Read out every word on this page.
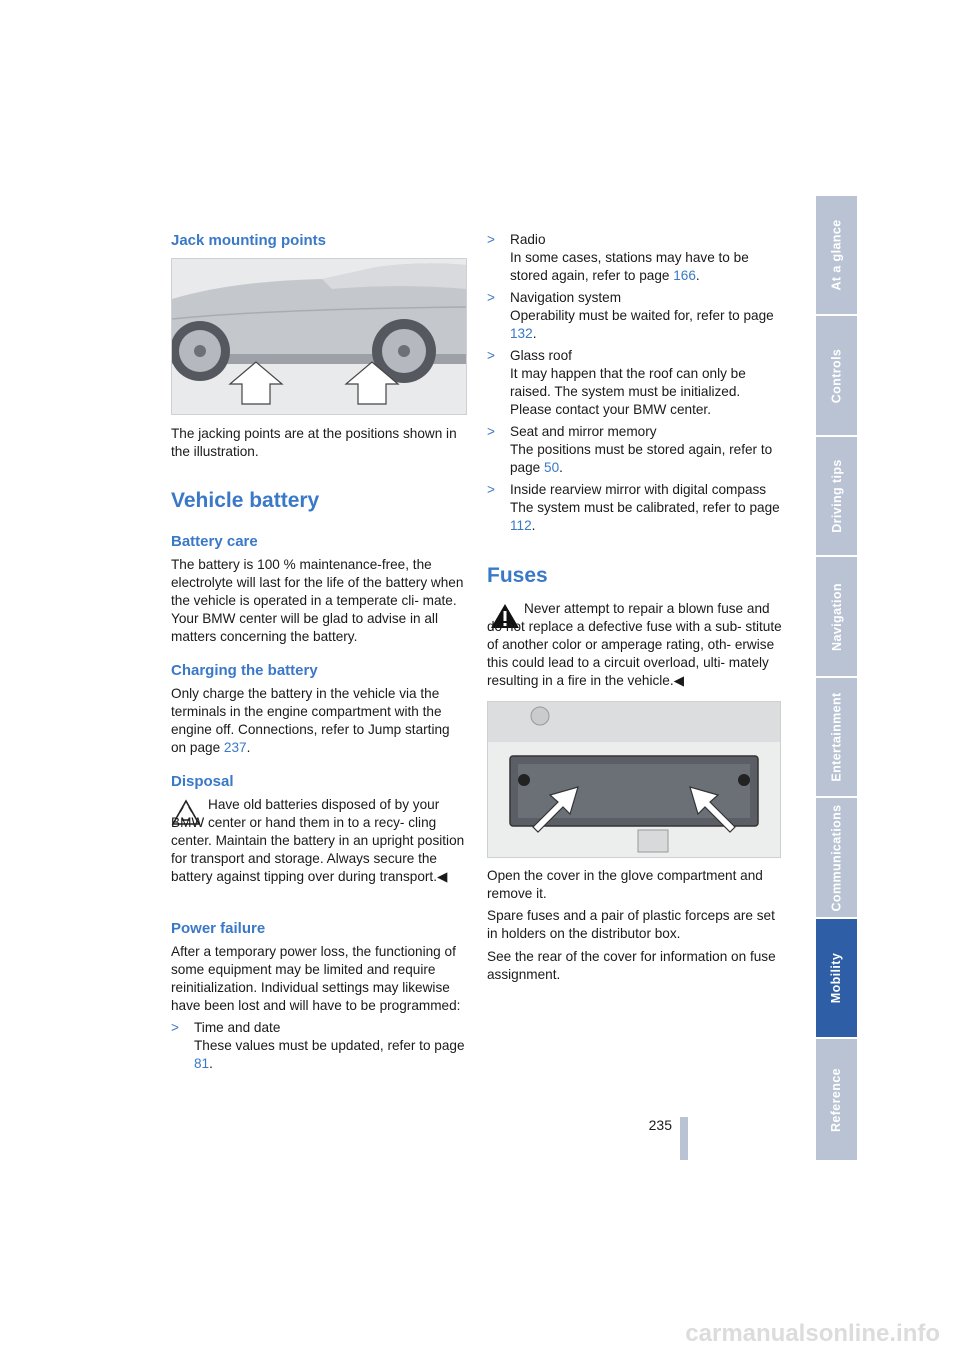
Jack mounting points
The jacking points are at the positions shown in the illustration.
Vehicle battery
Battery care
The battery is 100 % maintenance-free, the electrolyte will last for the life of the battery when the vehicle is operated in a temperate cli- mate. Your BMW center will be glad to advise in all matters concerning the battery.
Charging the battery
Only charge the battery in the vehicle via the terminals in the engine compartment with the engine off. Connections, refer to Jump starting on page 237.
Disposal
Have old batteries disposed of by your BMW center or hand them in to a recy- cling center. Maintain the battery in an upright position for transport and storage. Always secure the battery against tipping over during transport.◀
Power failure
After a temporary power loss, the functioning of some equipment may be limited and require reinitialization. Individual settings may likewise have been lost and will have to be programmed:
> Time and date
These values must be updated, refer to page 81.
> Radio
In some cases, stations may have to be stored again, refer to page 166.
> Navigation system
Operability must be waited for, refer to page 132.
> Glass roof
It may happen that the roof can only be raised. The system must be initialized. Please contact your BMW center.
> Seat and mirror memory
The positions must be stored again, refer to page 50.
> Inside rearview mirror with digital compass
The system must be calibrated, refer to page 112.
Fuses
Never attempt to repair a blown fuse and do not replace a defective fuse with a sub- stitute of another color or amperage rating, oth- erwise this could lead to a circuit overload, ulti- mately resulting in a fire in the vehicle.◀
Open the cover in the glove compartment and remove it.
Spare fuses and a pair of plastic forceps are set in holders on the distributor box.
See the rear of the cover for information on fuse assignment.
At a glance
Controls
Driving tips
Navigation
Entertainment
Communications
Mobility
Reference
235
carmanualsonline.info
